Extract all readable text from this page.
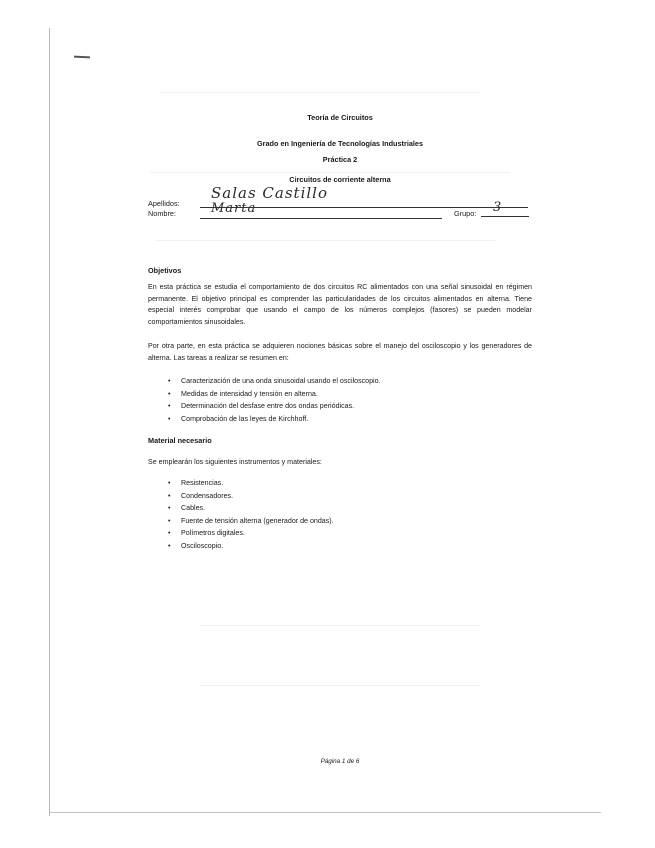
Teoría de Circuitos
Grado en Ingeniería de Tecnologías Industriales
Práctica 2
Circuitos de corriente alterna
Apellidos:
Salas Castillo
Nombre:	Marta	Grupo: 3
Objetivos
En esta práctica se estudia el comportamiento de dos circuitos RC alimentados con una señal sinusoidal en régimen permanente. El objetivo principal es comprender las particularidades de los circuitos alimentados en alterna. Tiene especial interés comprobar que usando el campo de los números complejos (fasores) se pueden modelar comportamientos sinusoidales.
Por otra parte, en esta práctica se adquieren nociones básicas sobre el manejo del osciloscopio y los generadores de alterna. Las tareas a realizar se resumen en:
• Caracterización de una onda sinusoidal usando el osciloscopio.
• Medidas de intensidad y tensión en alterna.
• Determinación del desfase entre dos ondas periódicas.
• Comprobación de las leyes de Kirchhoff.
Material necesario
Se emplearán los siguientes instrumentos y materiales:
• Resistencias.
• Condensadores.
• Cables.
• Fuente de tensión alterna (generador de ondas).
• Polímetros digitales.
• Osciloscopio.
Página 1 de 6
